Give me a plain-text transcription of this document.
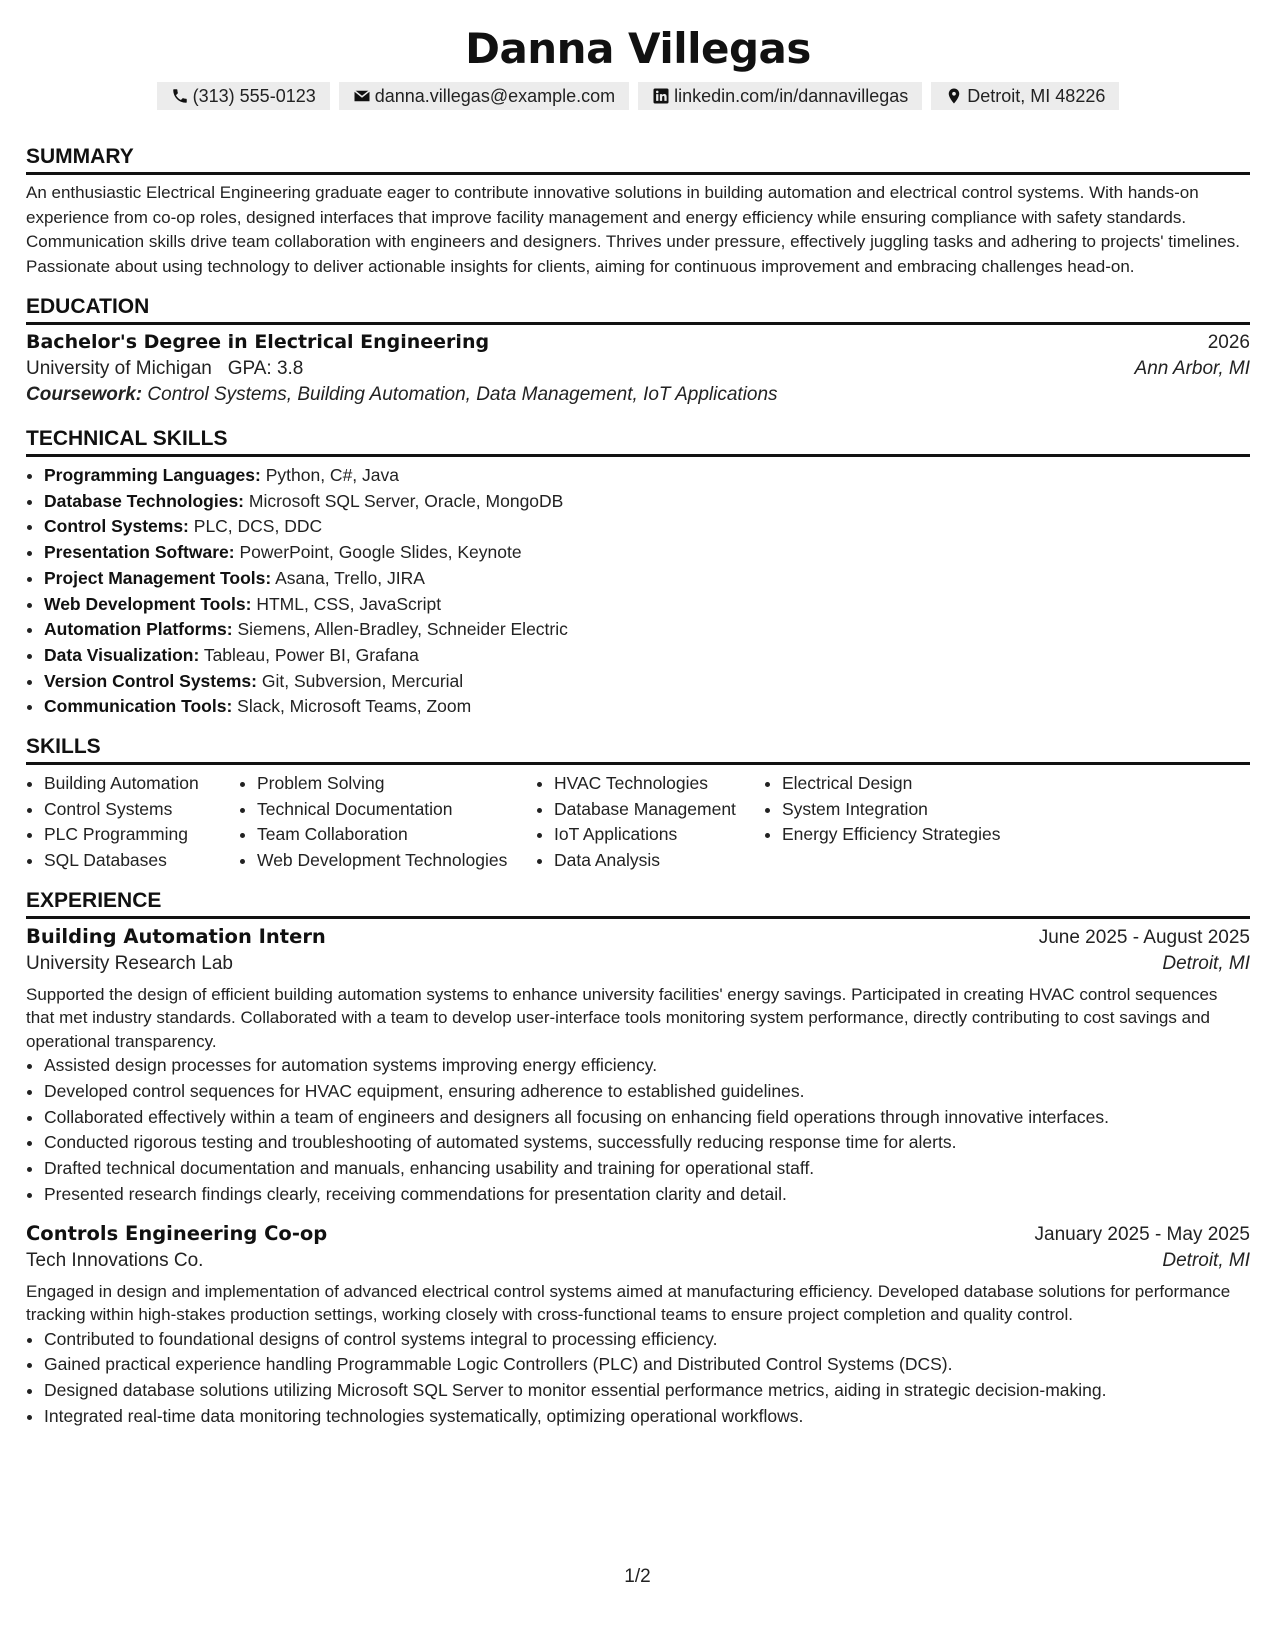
Danna Villegas
(313) 555-0123	danna.villegas@example.com	linkedin.com/in/dannavillegas	Detroit, MI 48226
SUMMARY
An enthusiastic Electrical Engineering graduate eager to contribute innovative solutions in building automation and electrical control systems. With hands-on experience from co-op roles, designed interfaces that improve facility management and energy efficiency while ensuring compliance with safety standards. Communication skills drive team collaboration with engineers and designers. Thrives under pressure, effectively juggling tasks and adhering to projects' timelines. Passionate about using technology to deliver actionable insights for clients, aiming for continuous improvement and embracing challenges head-on.
EDUCATION
Bachelor's Degree in Electrical Engineering	2026
University of Michigan GPA: 3.8	Ann Arbor, MI
Coursework: Control Systems, Building Automation, Data Management, IoT Applications
TECHNICAL SKILLS
• Programming Languages: Python, C#, Java
• Database Technologies: Microsoft SQL Server, Oracle, MongoDB
• Control Systems: PLC, DCS, DDC
• Presentation Software: PowerPoint, Google Slides, Keynote
• Project Management Tools: Asana, Trello, JIRA
• Web Development Tools: HTML, CSS, JavaScript
• Automation Platforms: Siemens, Allen-Bradley, Schneider Electric
• Data Visualization: Tableau, Power BI, Grafana
• Version Control Systems: Git, Subversion, Mercurial
• Communication Tools: Slack, Microsoft Teams, Zoom
SKILLS
• Building Automation
• Control Systems
• PLC Programming
• SQL Databases
• Problem Solving
• Technical Documentation
• Team Collaboration
• Web Development Technologies
• HVAC Technologies
• Database Management
• IoT Applications
• Data Analysis
• Electrical Design
• System Integration
• Energy Efficiency Strategies
EXPERIENCE
Building Automation Intern	June 2025 - August 2025
University Research Lab	Detroit, MI
Supported the design of efficient building automation systems to enhance university facilities' energy savings. Participated in creating HVAC control sequences that met industry standards. Collaborated with a team to develop user-interface tools monitoring system performance, directly contributing to cost savings and operational transparency.
• Assisted design processes for automation systems improving energy efficiency.
• Developed control sequences for HVAC equipment, ensuring adherence to established guidelines.
• Collaborated effectively within a team of engineers and designers all focusing on enhancing field operations through innovative interfaces.
• Conducted rigorous testing and troubleshooting of automated systems, successfully reducing response time for alerts.
• Drafted technical documentation and manuals, enhancing usability and training for operational staff.
• Presented research findings clearly, receiving commendations for presentation clarity and detail.
Controls Engineering Co-op	January 2025 - May 2025
Tech Innovations Co.	Detroit, MI
Engaged in design and implementation of advanced electrical control systems aimed at manufacturing efficiency. Developed database solutions for performance tracking within high-stakes production settings, working closely with cross-functional teams to ensure project completion and quality control.
• Contributed to foundational designs of control systems integral to processing efficiency.
• Gained practical experience handling Programmable Logic Controllers (PLC) and Distributed Control Systems (DCS).
• Designed database solutions utilizing Microsoft SQL Server to monitor essential performance metrics, aiding in strategic decision-making.
• Integrated real-time data monitoring technologies systematically, optimizing operational workflows.
1/2
